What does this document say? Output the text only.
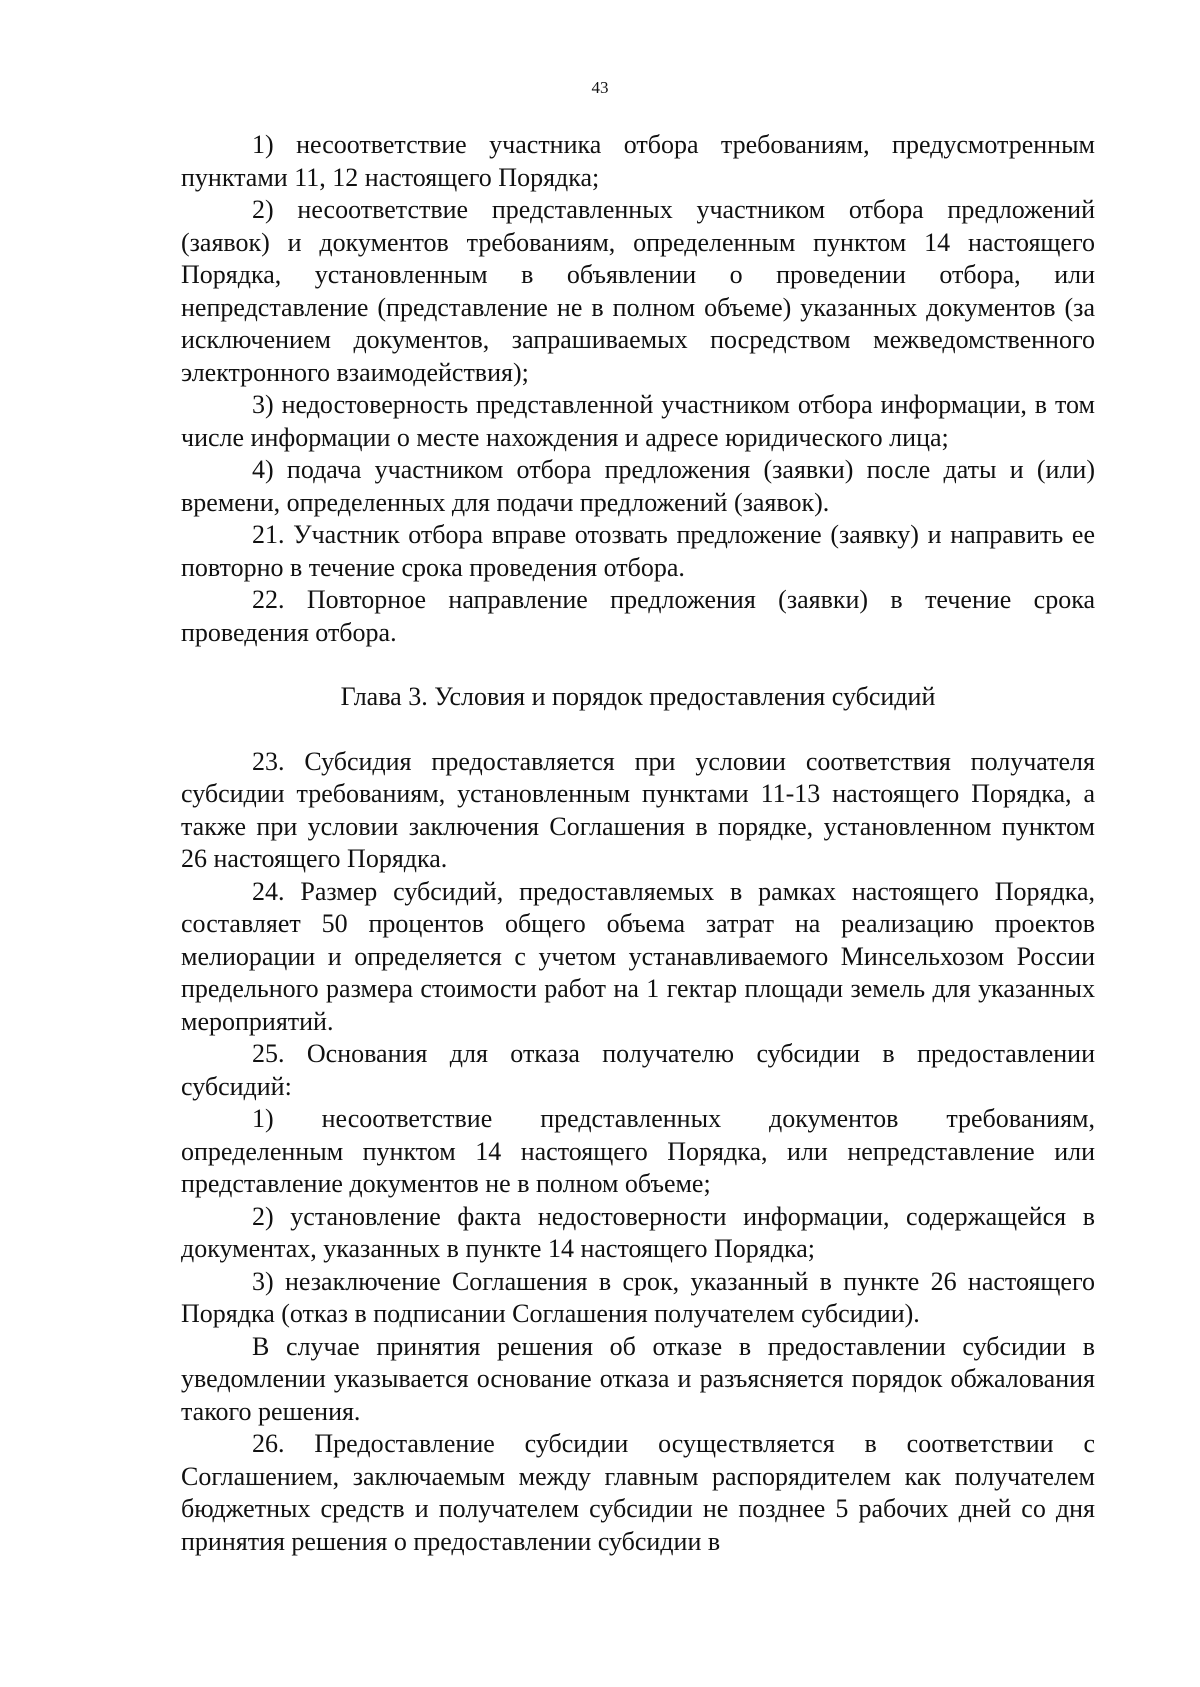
43

1) несоответствие участника отбора требованиям, предусмотренным пунктами 11, 12 настоящего Порядка;

2) несоответствие представленных участником отбора предложений (заявок) и документов требованиям, определенным пунктом 14 настоящего Порядка, установленным в объявлении о проведении отбора, или непредставление (представление не в полном объеме) указанных документов (за исключением документов, запрашиваемых посредством межведомственного электронного взаимодействия);

3) недостоверность представленной участником отбора информации, в том числе информации о месте нахождения и адресе юридического лица;

4) подача участником отбора предложения (заявки) после даты и (или) времени, определенных для подачи предложений (заявок).

21. Участник отбора вправе отозвать предложение (заявку) и направить ее повторно в течение срока проведения отбора.

22. Повторное направление предложения (заявки) в течение срока проведения отбора.

Глава 3. Условия и порядок предоставления субсидий

23. Субсидия предоставляется при условии соответствия получателя субсидии требованиям, установленным пунктами 11-13 настоящего Порядка, а также при условии заключения Соглашения в порядке, установленном пунктом 26 настоящего Порядка.

24. Размер субсидий, предоставляемых в рамках настоящего Порядка, составляет 50 процентов общего объема затрат на реализацию проектов мелиорации и определяется с учетом устанавливаемого Минсельхозом России предельного размера стоимости работ на 1 гектар площади земель для указанных мероприятий.

25. Основания для отказа получателю субсидии в предоставлении субсидий:

1) несоответствие представленных документов требованиям, определенным пунктом 14 настоящего Порядка, или непредставление или представление документов не в полном объеме;

2) установление факта недостоверности информации, содержащейся в документах, указанных в пункте 14 настоящего Порядка;

3) незаключение Соглашения в срок, указанный в пункте 26 настоящего Порядка (отказ в подписании Соглашения получателем субсидии).

В случае принятия решения об отказе в предоставлении субсидии в уведомлении указывается основание отказа и разъясняется порядок обжалования такого решения.

26. Предоставление субсидии осуществляется в соответствии с Соглашением, заключаемым между главным распорядителем как получателем бюджетных средств и получателем субсидии не позднее 5 рабочих дней со дня принятия решения о предоставлении субсидии в
